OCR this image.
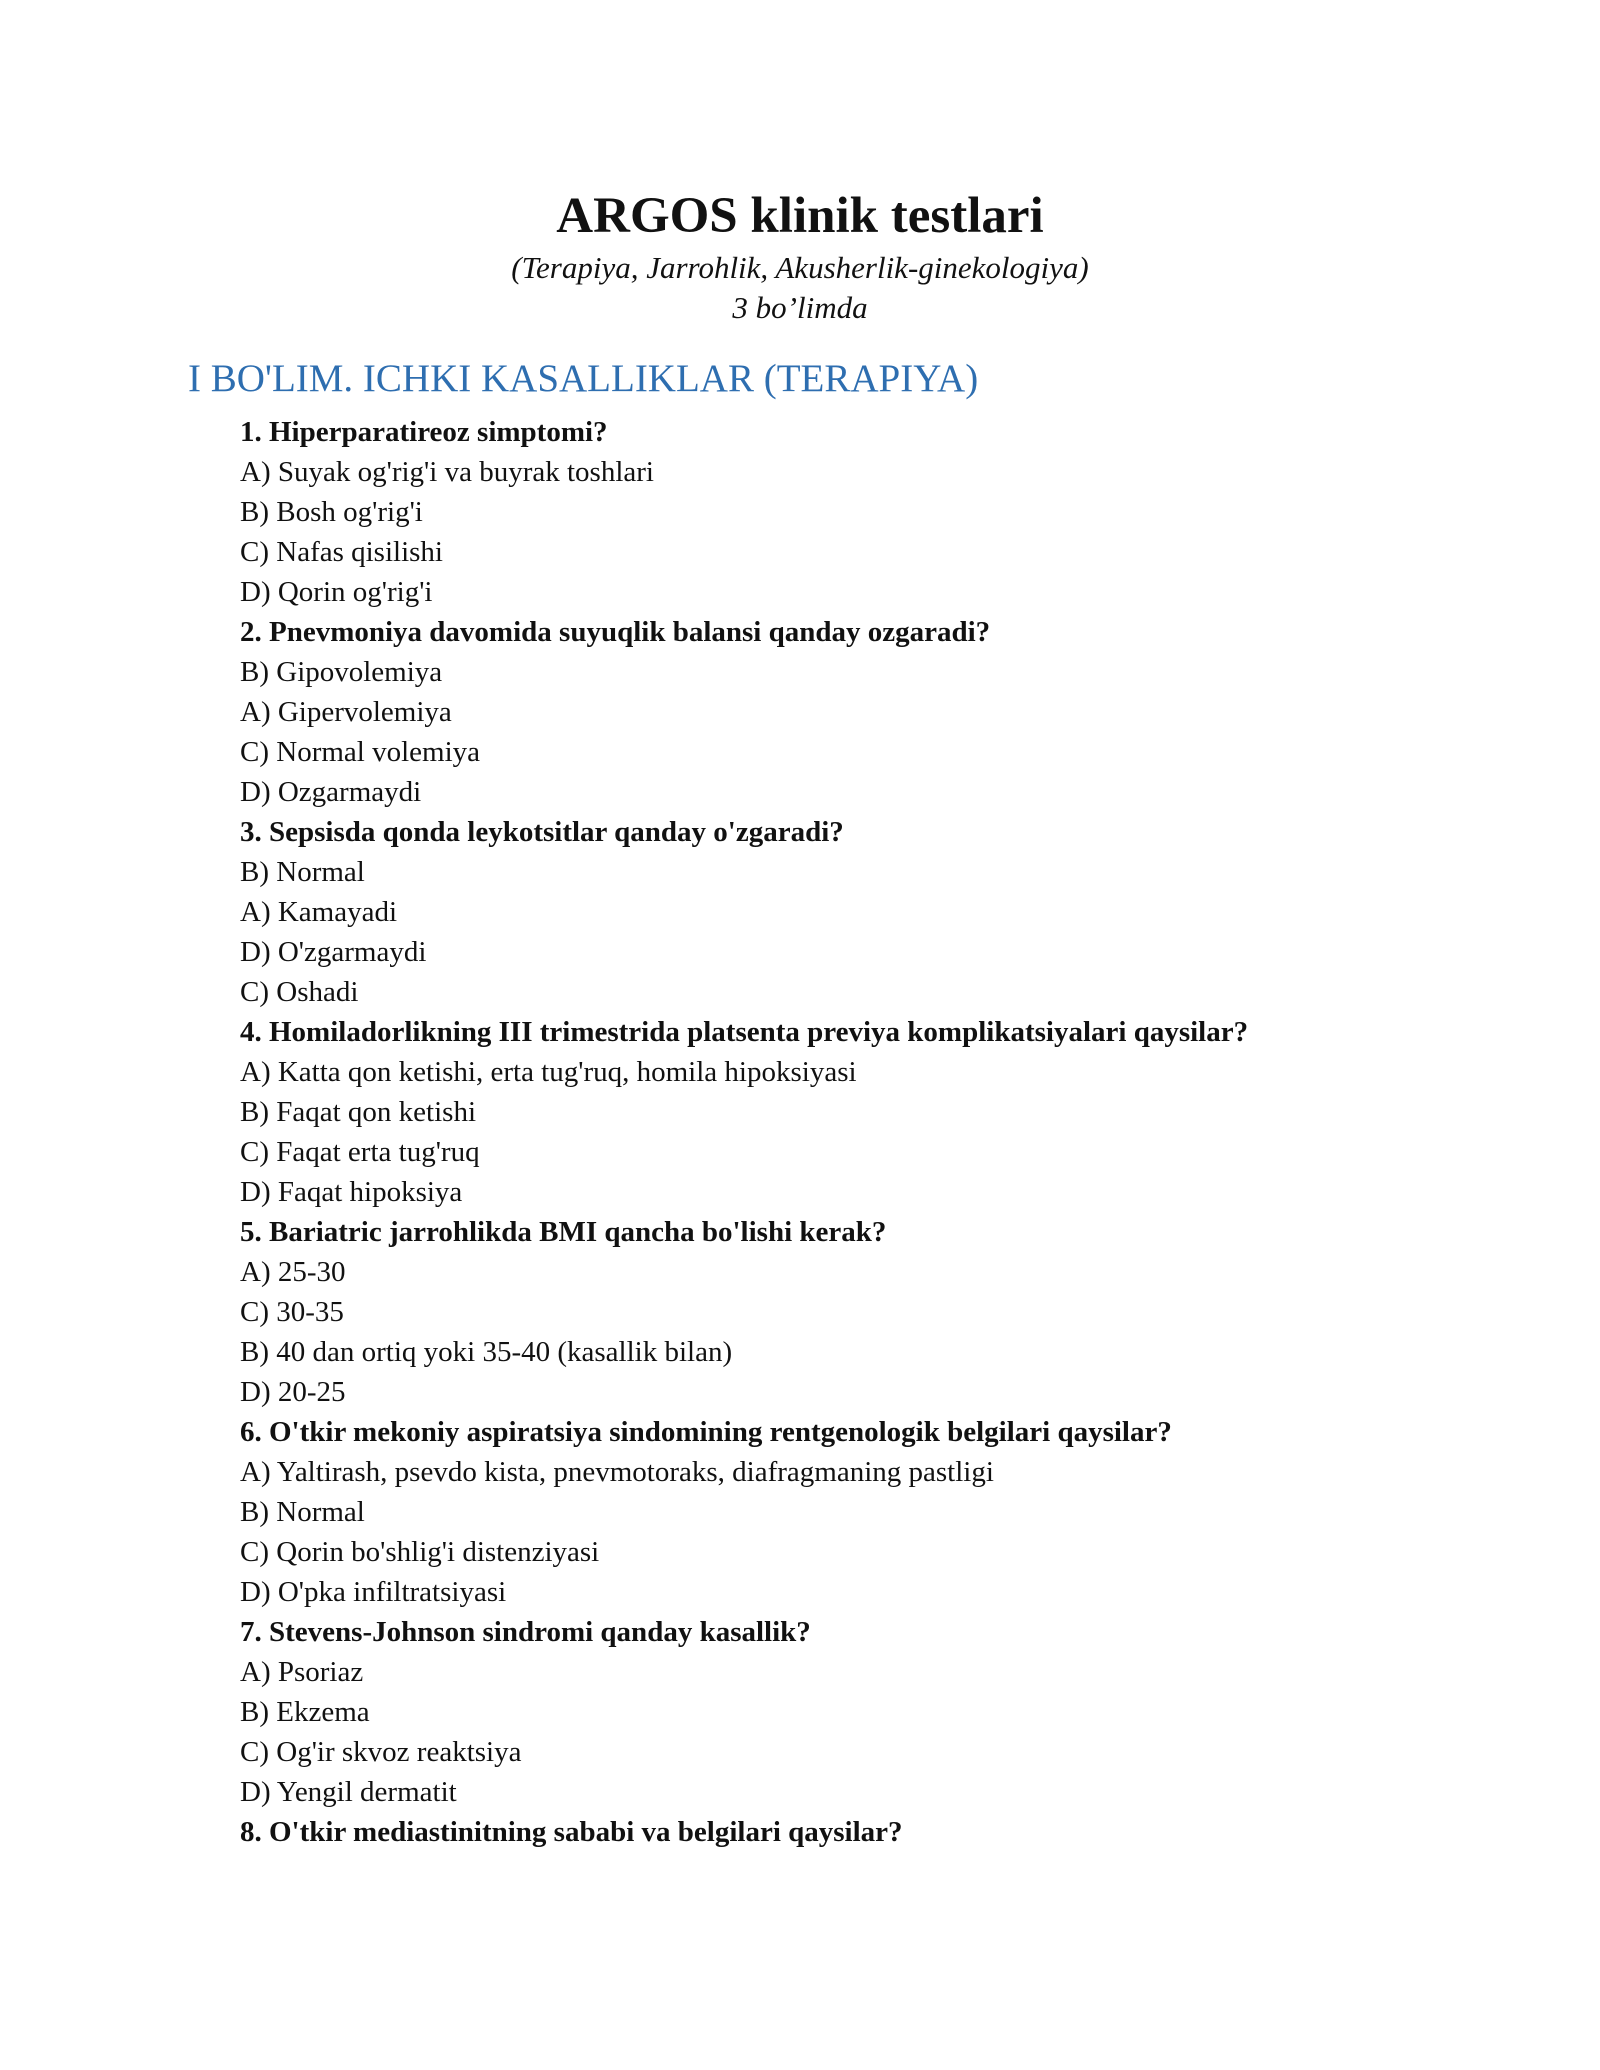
ARGOS klinik testlari
(Terapiya, Jarrohlik, Akusherlik-ginekologiya)
3 bo’limda
I BO'LIM. ICHKI KASALLIKLAR (TERAPIYA)
1. Hiperparatireoz simptomi?
A) Suyak og'rig'i va buyrak toshlari
B) Bosh og'rig'i
C) Nafas qisilishi
D) Qorin og'rig'i
2. Pnevmoniya davomida suyuqlik balansi qanday ozgaradi?
B) Gipovolemiya
A) Gipervolemiya
C) Normal volemiya
D) Ozgarmaydi
3. Sepsisda qonda leykotsitlar qanday o'zgaradi?
B) Normal
A) Kamayadi
D) O'zgarmaydi
C) Oshadi
4. Homiladorlikning III trimestrida platsenta previya komplikatsiyalari qaysilar?
A) Katta qon ketishi, erta tug'ruq, homila hipoksiyasi
B) Faqat qon ketishi
C) Faqat erta tug'ruq
D) Faqat hipoksiya
5. Bariatric jarrohlikda BMI qancha bo'lishi kerak?
A) 25-30
C) 30-35
B) 40 dan ortiq yoki 35-40 (kasallik bilan)
D) 20-25
6. O'tkir mekoniy aspiratsiya sindomining rentgenologik belgilari qaysilar?
A) Yaltirash, psevdo kista, pnevmotoraks, diafragmaning pastligi
B) Normal
C) Qorin bo'shlig'i distenziyasi
D) O'pka infiltratsiyasi
7. Stevens-Johnson sindromi qanday kasallik?
A) Psoriaz
B) Ekzema
C) Og'ir skvoz reaktsiya
D) Yengil dermatit
8. O'tkir mediastinitning sababi va belgilari qaysilar?
